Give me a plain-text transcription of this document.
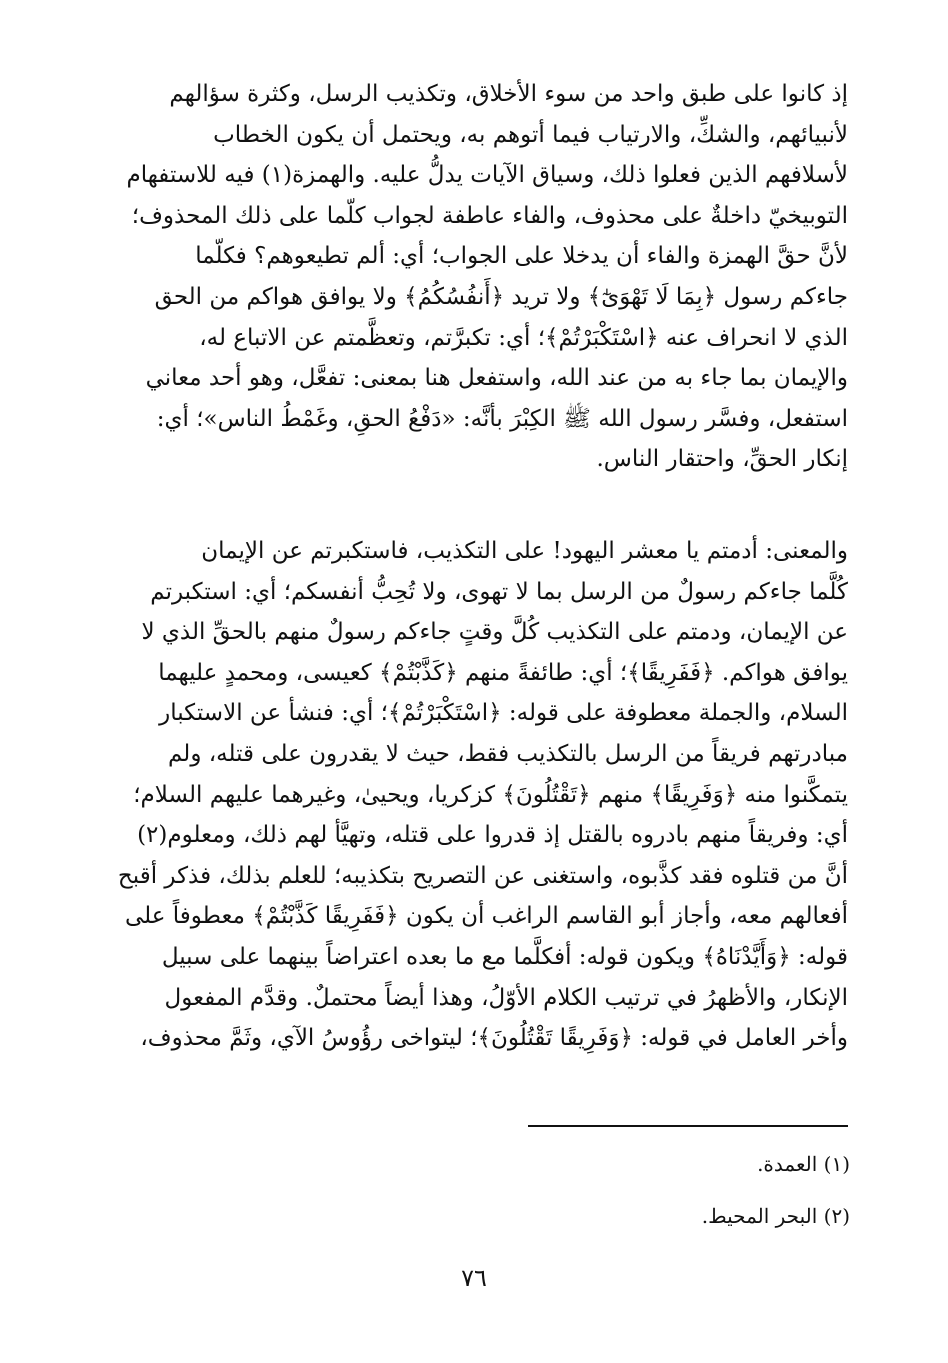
إذ كانوا على طبق واحد من سوء الأخلاق، وتكذيب الرسل، وكثرة سؤالهم
لأنبيائهم، والشكِّ، والارتياب فيما أتوهم به، ويحتمل أن يكون الخطاب
لأسلافهم الذين فعلوا ذلك، وسياق الآيات يدلُّ عليه. والهمزة(١) فيه للاستفهام
التوبيخيّ داخلةٌ على محذوف، والفاء عاطفة لجواب كلّما على ذلك المحذوف؛
لأنَّ حقَّ الهمزة والفاء أن يدخلا على الجواب؛ أي: ألم تطيعوهم؟ فكلّما
جاءكم رسول ﴿بِمَا لَا تَهْوَىٰٓ﴾ ولا تريد ﴿أَنفُسُكُمُ﴾ ولا يوافق هواكم من الحق
الذي لا انحراف عنه ﴿اسْتَكْبَرْتُمْ﴾؛ أي: تكبرَّتم، وتعظَّمتم عن الاتباع له،
والإيمان بما جاء به من عند الله، واستفعل هنا بمعنى: تفعَّل، وهو أحد معاني
استفعل، وفسَّر رسول الله ﷺ الكِبْرَ بأنَّه: «دَفْعُ الحقِ، وغَمْطُ الناس»؛ أي:
إنكار الحقِّ، واحتقار الناس.
والمعنى: أدمتم يا معشر اليهود! على التكذيب، فاستكبرتم عن الإيمان
كُلَّما جاءكم رسولٌ من الرسل بما لا تهوى، ولا تُحِبُّ أنفسكم؛ أي: استكبرتم
عن الإيمان، ودمتم على التكذيب كُلَّ وقتٍ جاءكم رسولٌ منهم بالحقِّ الذي لا
يوافق هواكم. ﴿فَفَرِيقًا﴾؛ أي: طائفةً منهم ﴿كَذَّبْتُمْ﴾ كعيسى، ومحمدٍ عليهما
السلام، والجملة معطوفة على قوله: ﴿اسْتَكْبَرْتُمْ﴾؛ أي: فنشأ عن الاستكبار
مبادرتهم فريقاً من الرسل بالتكذيب فقط، حيث لا يقدرون على قتله، ولم
يتمكَّنوا منه ﴿وَفَرِيقًا﴾ منهم ﴿تَقْتُلُونَ﴾ كزكريا، ويحيىٰ، وغيرهما عليهم السلام؛
أي: وفريقاً منهم بادروه بالقتل إذ قدروا على قتله، وتهيَّأ لهم ذلك، ومعلوم(٢)
أنَّ من قتلوه فقد كذَّبوه، واستغنى عن التصريح بتكذيبه؛ للعلم بذلك، فذكر أقبح
أفعالهم معه، وأجاز أبو القاسم الراغب أن يكون ﴿فَفَرِيقًا كَذَّبْتُمْ﴾ معطوفاً على
قوله: ﴿وَأَيَّدْنَاهُ﴾ ويكون قوله: أفكلَّما مع ما بعده اعتراضاً بينهما على سبيل
الإنكار، والأظهرُ في ترتيب الكلام الأوّلُ، وهذا أيضاً محتملٌ. وقدَّم المفعول
وأخر العامل في قوله: ﴿وَفَرِيقًا تَقْتُلُونَ﴾؛ ليتواخى رؤُوسُ الآي، وثَمَّ محذوف،
(١) العمدة.
(٢) البحر المحيط.
٧٦
